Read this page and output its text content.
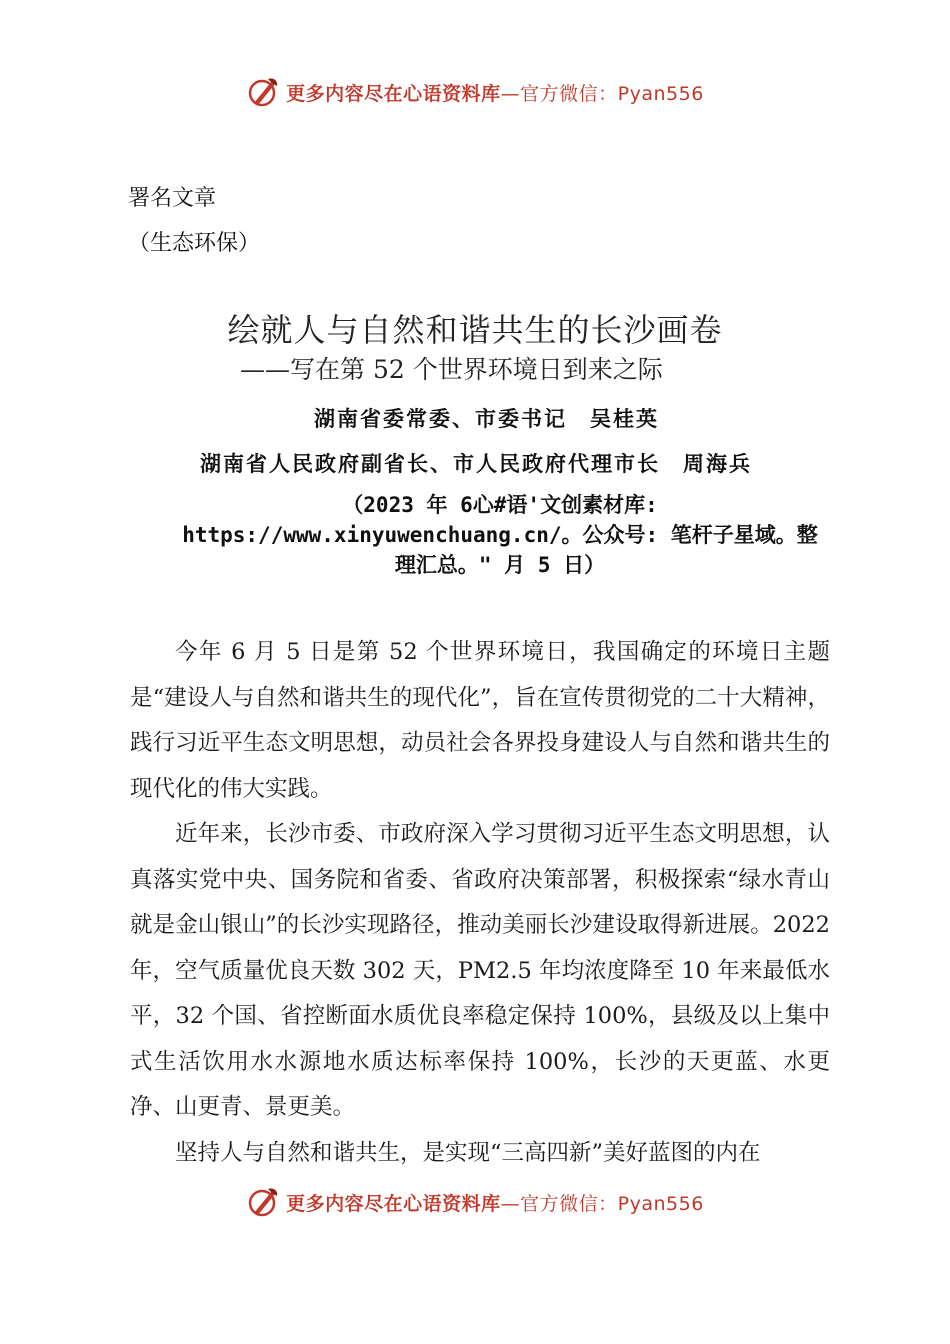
更多内容尽在心语资料库—官方微信：Pyan556
署名文章
（生态环保）
绘就人与自然和谐共生的长沙画卷
——写在第 52 个世界环境日到来之际
湖南省委常委、市委书记　吴桂英
湖南省人民政府副省长、市人民政府代理市长　周海兵
（2023 年 6心#语'文创素材库:
https://www.xinyuwenchuang.cn/。公众号: 笔杆子星域。整
理汇总。" 月 5 日）

今年 6 月 5 日是第 52 个世界环境日，我国确定的环境日主题是“建设人与自然和谐共生的现代化”，旨在宣传贯彻党的二十大精神，践行习近平生态文明思想，动员社会各界投身建设人与自然和谐共生的现代化的伟大实践。

近年来，长沙市委、市政府深入学习贯彻习近平生态文明思想，认真落实党中央、国务院和省委、省政府决策部署，积极探索“绿水青山就是金山银山”的长沙实现路径，推动美丽长沙建设取得新进展。2022 年，空气质量优良天数 302 天，PM2.5 年均浓度降至 10 年来最低水平，32 个国、省控断面水质优良率稳定保持 100%，县级及以上集中式生活饮用水水源地水质达标率保持 100%，长沙的天更蓝、水更净、山更青、景更美。

坚持人与自然和谐共生，是实现“三高四新”美好蓝图的内在

更多内容尽在心语资料库—官方微信：Pyan556
